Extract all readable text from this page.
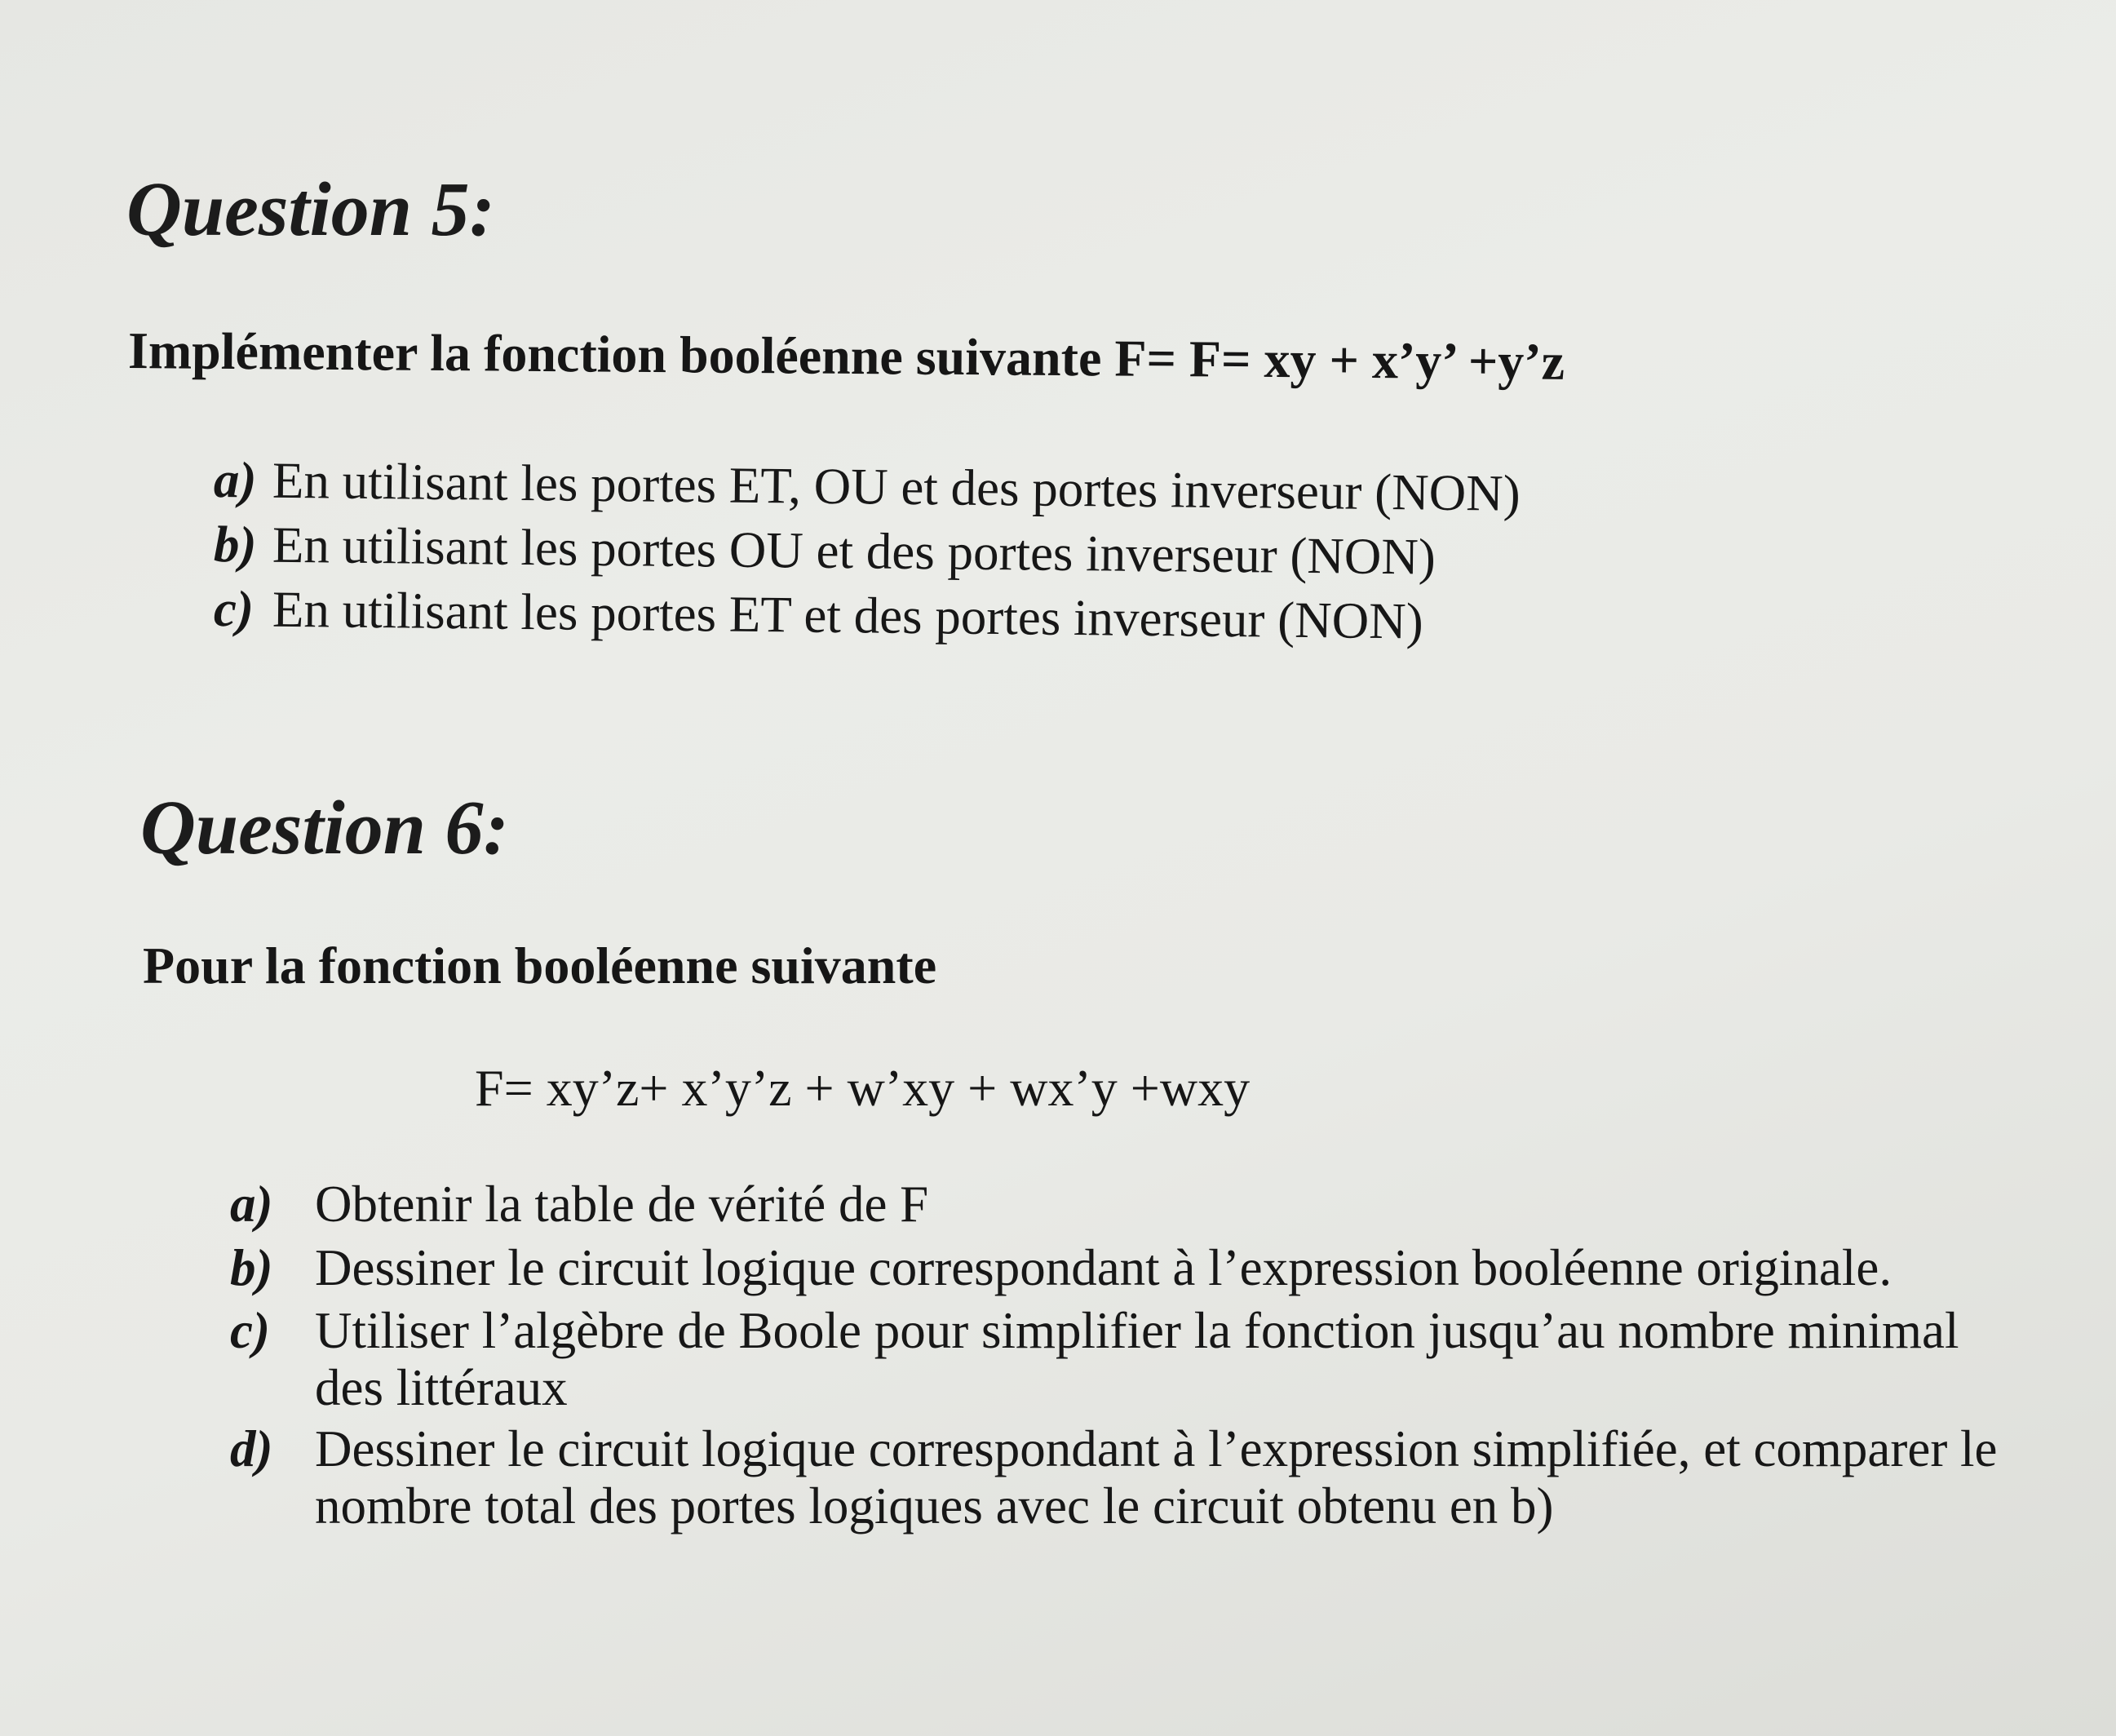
Question 5:
Implémenter la fonction booléenne suivante F= F= xy + x’y’ +y’z
a) En utilisant les portes ET, OU et des portes inverseur (NON)
b) En utilisant les portes OU et des portes inverseur (NON)
c) En utilisant les portes ET et des portes inverseur (NON)
Question 6:
Pour la fonction booléenne suivante
F= xy’z+ x’y’z + w’xy + wx’y +wxy
a) Obtenir la table de vérité de F
b) Dessiner le circuit logique correspondant à l’expression booléenne originale.
c) Utiliser l’algèbre de Boole pour simplifier la fonction jusqu’au nombre minimal
des littéraux
d) Dessiner le circuit logique correspondant à l’expression simplifiée, et comparer le
nombre total des portes logiques avec le circuit obtenu en b)
